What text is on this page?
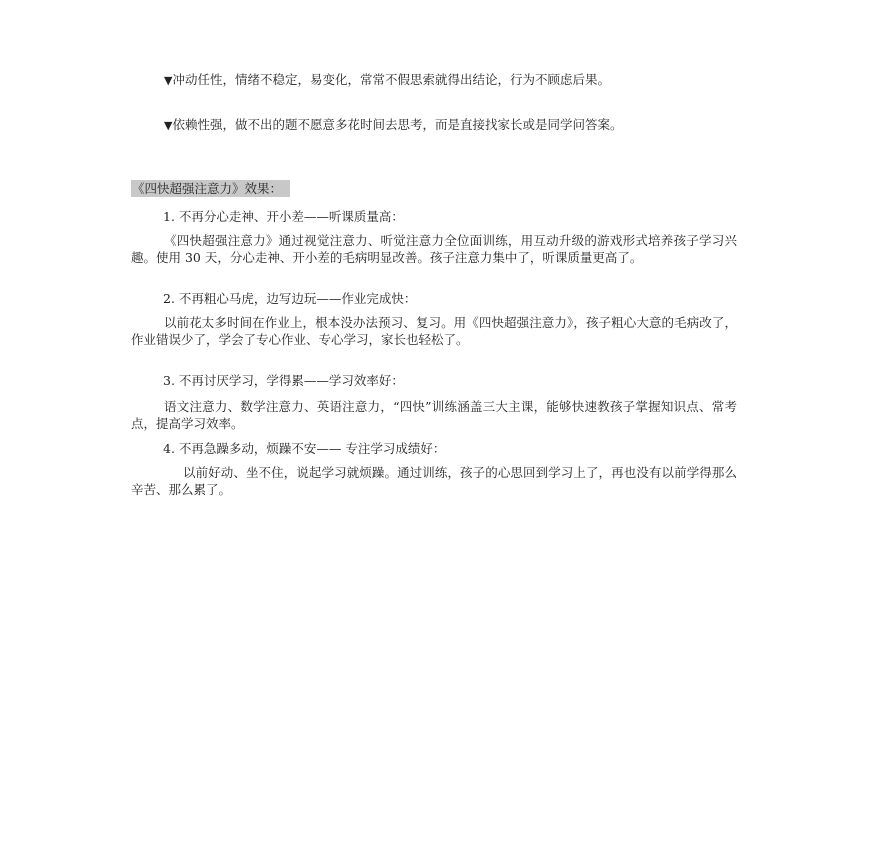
▼冲动任性，情绪不稳定，易变化，常常不假思索就得出结论，行为不顾虑后果。

▼依赖性强，做不出的题不愿意多花时间去思考，而是直接找家长或是同学问答案。

《四快超强注意力》效果：

1. 不再分心走神、开小差——听课质量高：

《四快超强注意力》通过视觉注意力、听觉注意力全位面训练，用互动升级的游戏形式培养孩子学习兴趣。使用 30 天，分心走神、开小差的毛病明显改善。孩子注意力集中了，听课质量更高了。

2. 不再粗心马虎，边写边玩——作业完成快：

以前花太多时间在作业上，根本没办法预习、复习。用《四快超强注意力》，孩子粗心大意的毛病改了，作业错误少了，学会了专心作业、专心学习，家长也轻松了。

3. 不再讨厌学习，学得累——学习效率好：

语文注意力、数学注意力、英语注意力，“四快”训练涵盖三大主课，能够快速教孩子掌握知识点、常考点，提高学习效率。

4. 不再急躁多动，烦躁不安—— 专注学习成绩好：

以前好动、坐不住，说起学习就烦躁。通过训练，孩子的心思回到学习上了，再也没有以前学得那么辛苦、那么累了。
